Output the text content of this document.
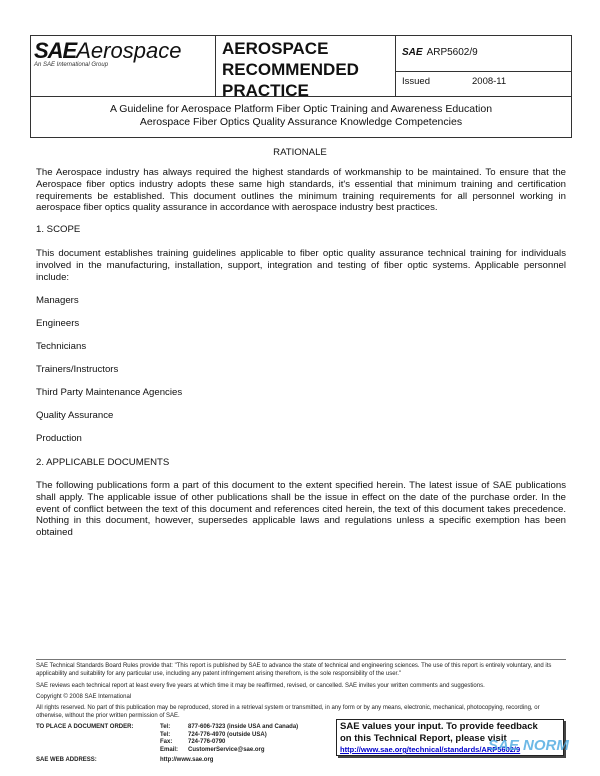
SAEAerospace
An SAE International Group
AEROSPACE
RECOMMENDED
PRACTICE
SAE ARP5602/9
Issued	2008-11
A Guideline for Aerospace Platform Fiber Optic Training and Awareness Education
Aerospace Fiber Optics Quality Assurance Knowledge Competencies
RATIONALE
The Aerospace industry has always required the highest standards of workmanship to be maintained. To ensure that the Aerospace fiber optics industry adopts these same high standards, it's essential that minimum training and certification requirements be established. This document outlines the minimum training requirements for all personnel working in aerospace fiber optics quality assurance in accordance with aerospace industry best practices.
1. SCOPE
This document establishes training guidelines applicable to fiber optic quality assurance technical training for individuals involved in the manufacturing, installation, support, integration and testing of fiber optic systems. Applicable personnel include:
Managers
Engineers
Technicians
Trainers/Instructors
Third Party Maintenance Agencies
Quality Assurance
Production
2. APPLICABLE DOCUMENTS
The following publications form a part of this document to the extent specified herein. The latest issue of SAE publications shall apply. The applicable issue of other publications shall be the issue in effect on the date of the purchase order. In the event of conflict between the text of this document and references cited herein, the text of this document takes precedence. Nothing in this document, however, supersedes applicable laws and regulations unless a specific exemption has been obtained
SAE Technical Standards Board Rules provide that: "This report is published by SAE to advance the state of technical and engineering sciences. The use of this report is entirely voluntary, and its applicability and suitability for any particular use, including any patent infringement arising therefrom, is the sole responsibility of the user."
SAE reviews each technical report at least every five years at which time it may be reaffirmed, revised, or cancelled. SAE invites your written comments and suggestions.
Copyright © 2008 SAE International
All rights reserved. No part of this publication may be reproduced, stored in a retrieval system or transmitted, in any form or by any means, electronic, mechanical, photocopying, recording, or otherwise, without the prior written permission of SAE.
TO PLACE A DOCUMENT ORDER:	Tel:	877-606-7323 (inside USA and Canada)
Tel:	724-776-4970 (outside USA)
Fax:	724-776-0790
Email: CustomerService@sae.org
SAE WEB ADDRESS:	http://www.sae.org
SAE values your input. To provide feedback
on this Technical Report, please visit
http://www.sae.org/technical/standards/ARP5602/9
SAE NORM
